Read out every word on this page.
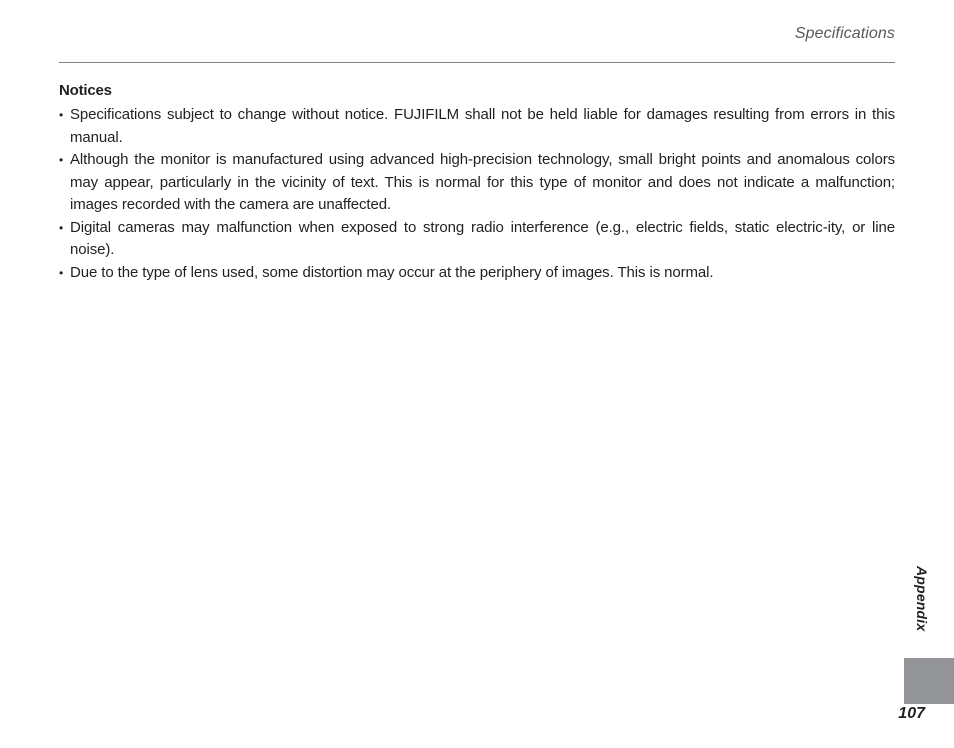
Specifications
Notices
• Specifications subject to change without notice. FUJIFILM shall not be held liable for damages resulting from errors in this manual.
• Although the monitor is manufactured using advanced high-precision technology, small bright points and anomalous colors may appear, particularly in the vicinity of text. This is normal for this type of monitor and does not indicate a malfunction; images recorded with the camera are unaffected.
• Digital cameras may malfunction when exposed to strong radio interference (e.g., electric fields, static electric-ity, or line noise).
• Due to the type of lens used, some distortion may occur at the periphery of images. This is normal.
Appendix
107
